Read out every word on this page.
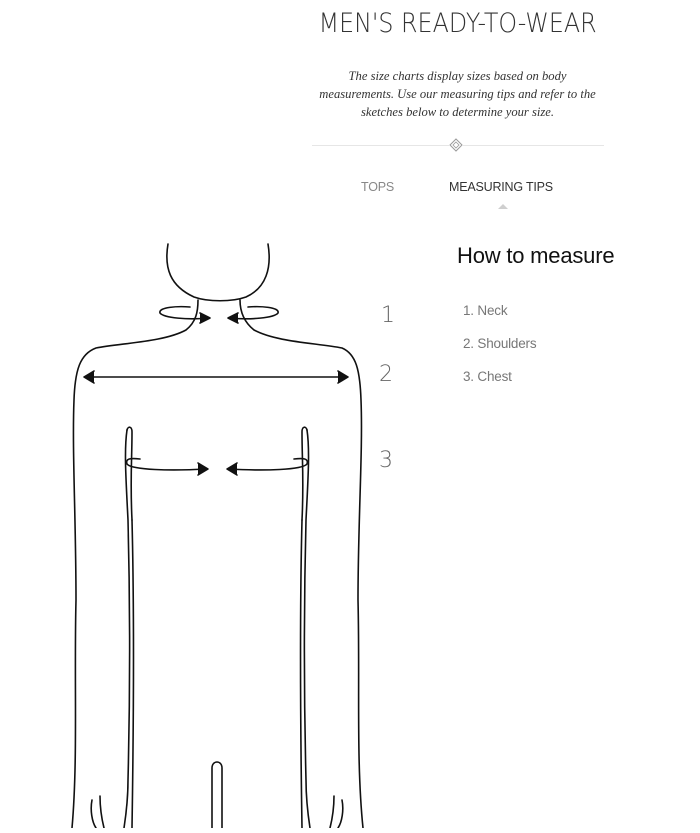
MEN'S READY-TO-WEAR
The size charts display sizes based on body measurements. Use our measuring tips and refer to the sketches below to determine your size.
TOPS	MEASURING TIPS
1
2
3
How to measure
1. Neck
2. Shoulders
3. Chest
